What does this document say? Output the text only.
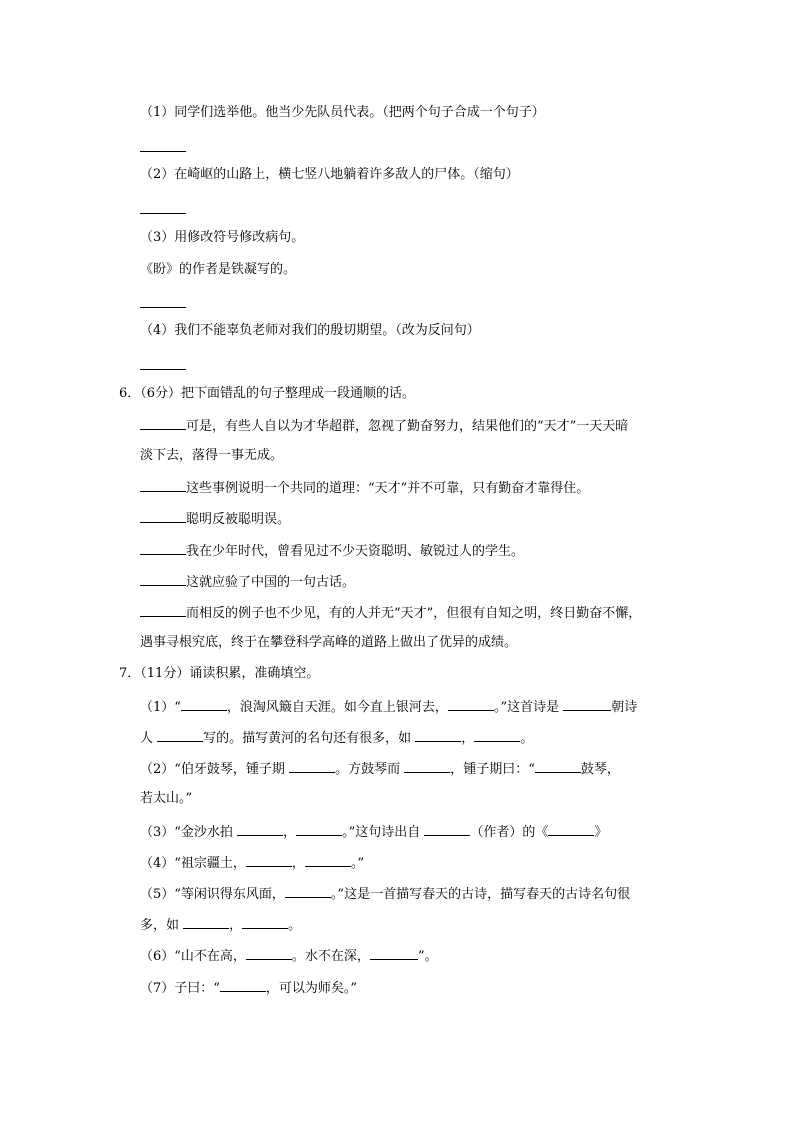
（1）同学们选举他。他当少先队员代表。（把两个句子合成一个句子）
（2）在崎岖的山路上，横七竖八地躺着许多敌人的尸体。（缩句）
（3）用修改符号修改病句。
《盼》的作者是铁凝写的。
（4）我们不能辜负老师对我们的殷切期望。（改为反问句）
6．（6分）把下面错乱的句子整理成一段通顺的话。
可是，有些人自以为才华超群，忽视了勤奋努力，结果他们的“天才”一天天暗
淡下去，落得一事无成。
这些事例说明一个共同的道理：“天才”并不可靠，只有勤奋才靠得住。
聪明反被聪明误。
我在少年时代，曾看见过不少天资聪明、敏锐过人的学生。
这就应验了中国的一句古话。
而相反的例子也不少见，有的人并无“天才”，但很有自知之明，终日勤奋不懈，
遇事寻根究底，终于在攀登科学高峰的道路上做出了优异的成绩。
7．（11分）诵读积累，准确填空。
（1）“	，浪淘风簸自天涯。如今直上银河去，	。”这首诗是	朝诗
人	写的。描写黄河的名句还有很多，如	，	。
（2）“伯牙鼓琴，锺子期	。方鼓琴而	，锺子期曰：“	鼓琴，
若太山。”
（3）“金沙水拍	，	。”这句诗出自	（作者）的《	》
（4）“祖宗疆土，	，	。”
（5）“等闲识得东风面，	。”这是一首描写春天的古诗，描写春天的古诗名句很
多，如	，	。
（6）“山不在高，	。水不在深，	”。
（7）子曰：“	，可以为师矣。”
